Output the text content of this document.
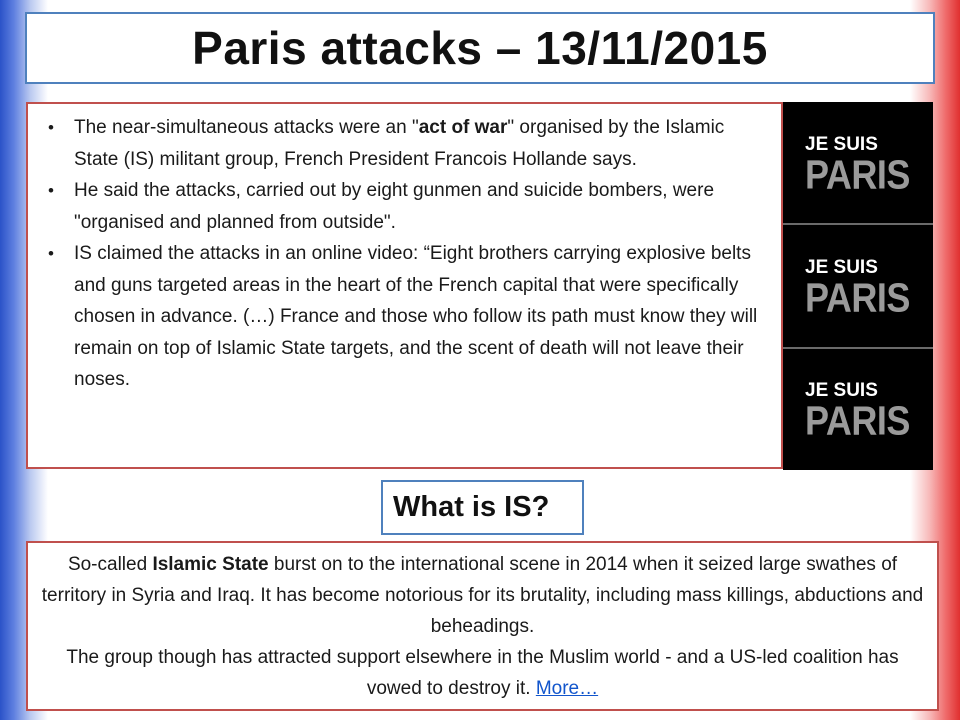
Paris attacks – 13/11/2015
• The near-simultaneous attacks were an "act of war" organised by the Islamic State (IS) militant group, French President Francois Hollande says.
• He said the attacks, carried out by eight gunmen and suicide bombers, were "organised and planned from outside".
• IS claimed the attacks in an online video: “Eight brothers carrying explosive belts and guns targeted areas in the heart of the French capital that were specifically chosen in advance. (…) France and those who follow its path must know they will remain on top of Islamic State targets, and the scent of death will not leave their noses.
JE SUIS
PARIS
JE SUIS
PARIS
JE SUIS
PARIS
What is IS?
So-called Islamic State burst on to the international scene in 2014 when it seized large swathes of territory in Syria and Iraq. It has become notorious for its brutality, including mass killings, abductions and beheadings.
The group though has attracted support elsewhere in the Muslim world - and a US-led coalition has vowed to destroy it. More…
